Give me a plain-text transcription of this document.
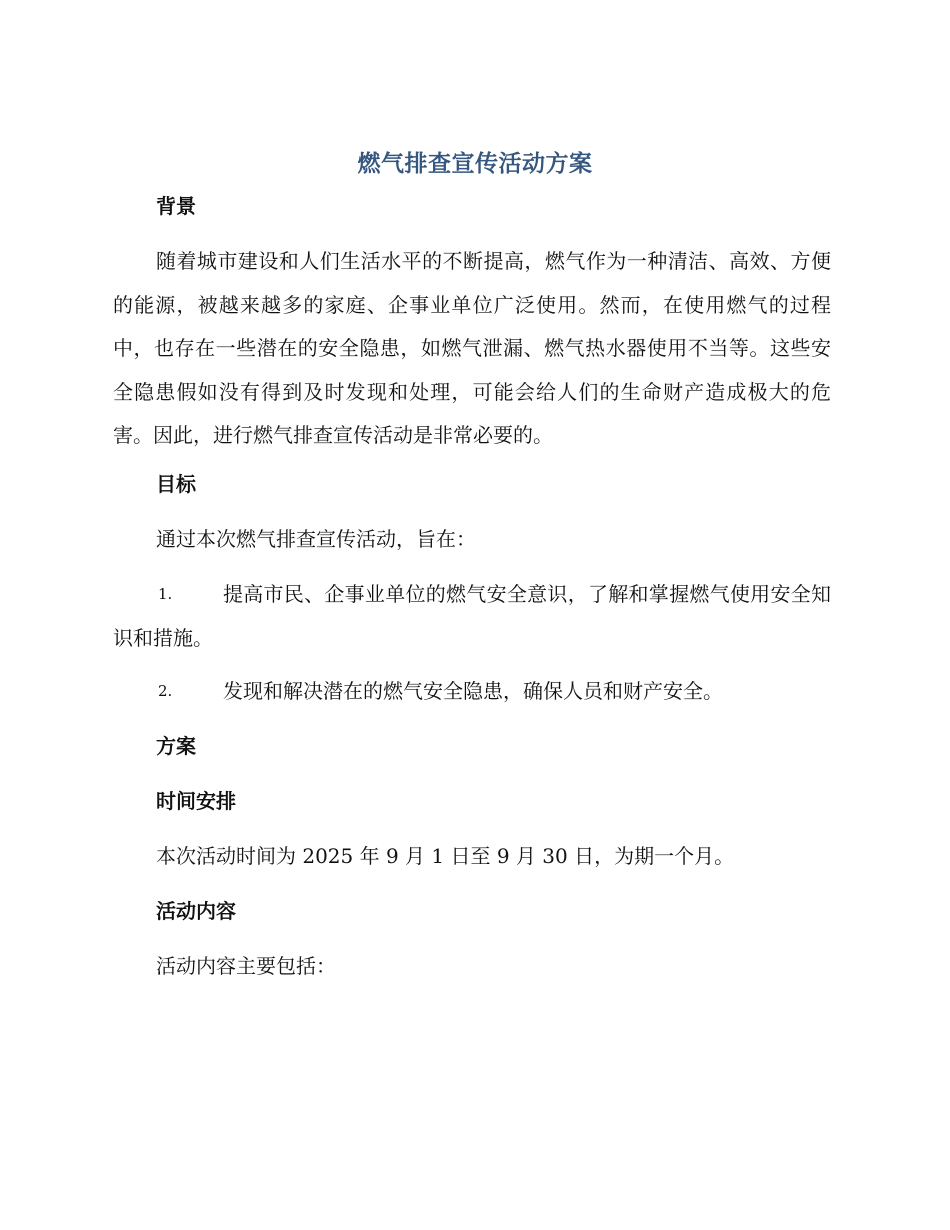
燃气排查宣传活动方案
背景
随着城市建设和人们生活水平的不断提高，燃气作为一种清洁、高效、方便的能源，被越来越多的家庭、企事业单位广泛使用。然而，在使用燃气的过程中，也存在一些潜在的安全隐患，如燃气泄漏、燃气热水器使用不当等。这些安全隐患假如没有得到及时发现和处理，可能会给人们的生命财产造成极大的危害。因此，进行燃气排查宣传活动是非常必要的。
目标
通过本次燃气排查宣传活动，旨在：
1.	提高市民、企事业单位的燃气安全意识，了解和掌握燃气使用安全知识和措施。
2.	发现和解决潜在的燃气安全隐患，确保人员和财产安全。
方案
时间安排
本次活动时间为 2025 年 9 月 1 日至 9 月 30 日，为期一个月。
活动内容
活动内容主要包括：
